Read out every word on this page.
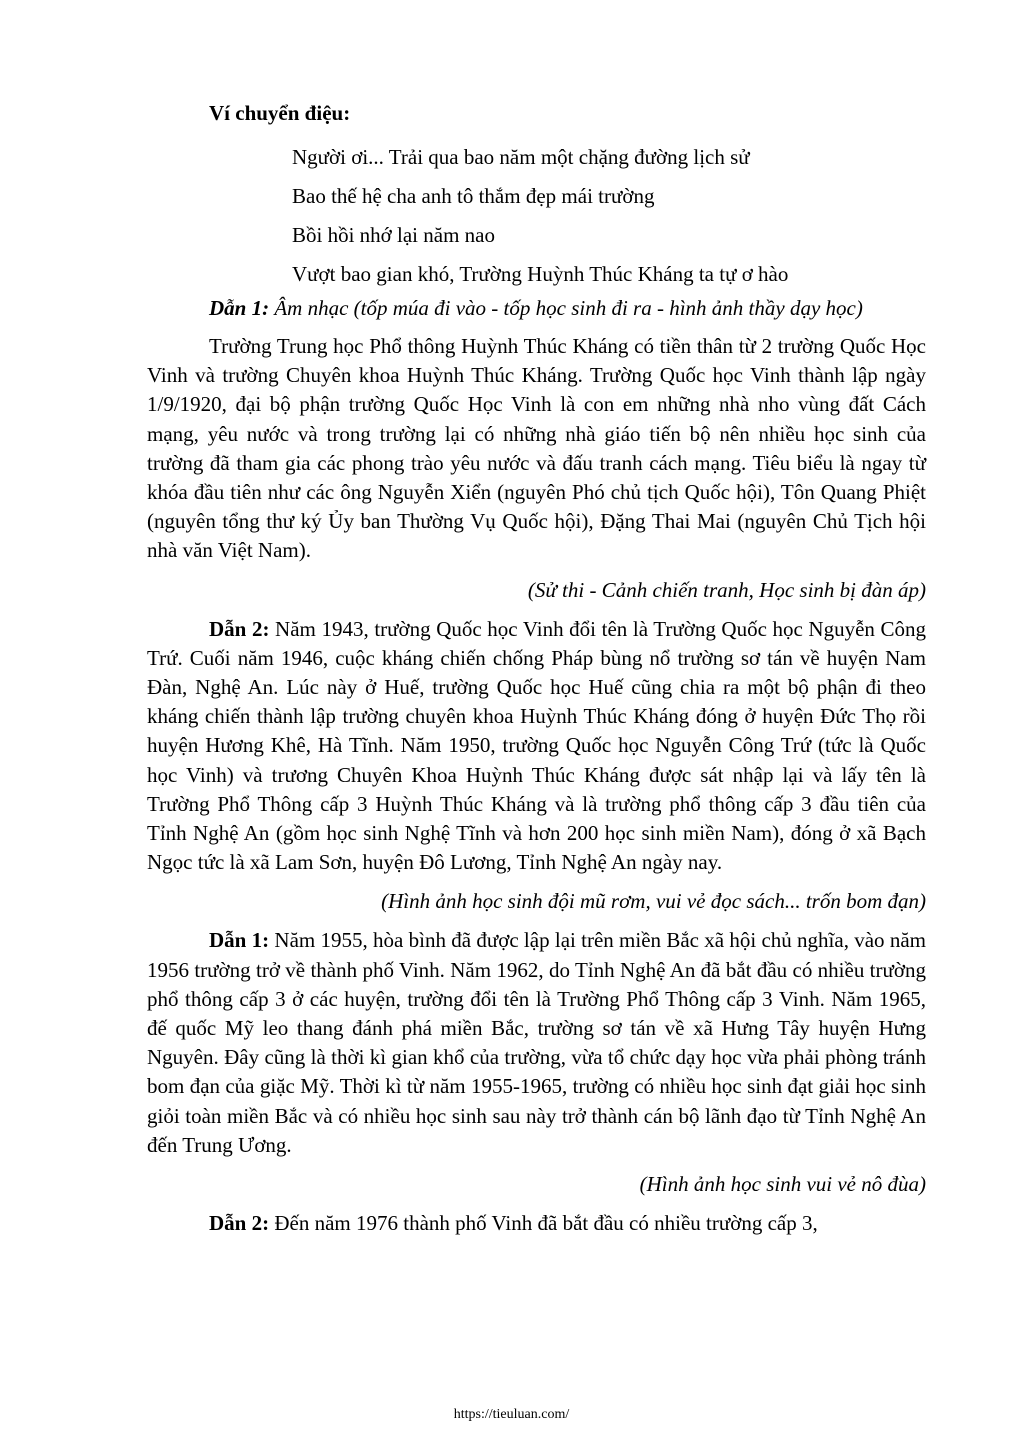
Ví chuyển điệu:

Người ơi... Trải qua bao năm một chặng đường lịch sử
Bao thế hệ cha anh tô thắm đẹp mái trường
Bồi hồi nhớ lại năm nao
Vượt bao gian khó, Trường Huỳnh Thúc Kháng ta tự ơ hào

Dẫn 1: Âm nhạc (tốp múa đi vào - tốp học sinh đi ra - hình ảnh thầy dạy học)

Trường Trung học Phổ thông Huỳnh Thúc Kháng có tiền thân từ 2 trường Quốc Học Vinh và trường Chuyên khoa Huỳnh Thúc Kháng. Trường Quốc học Vinh thành lập ngày 1/9/1920, đại bộ phận trường Quốc Học Vinh là con em những nhà nho vùng đất Cách mạng, yêu nước và trong trường lại có những nhà giáo tiến bộ nên nhiều học sinh của trường đã tham gia các phong trào yêu nước và đấu tranh cách mạng. Tiêu biểu là ngay từ khóa đầu tiên như các ông Nguyễn Xiển (nguyên Phó chủ tịch Quốc hội), Tôn Quang Phiệt (nguyên tổng thư ký Ủy ban Thường Vụ Quốc hội), Đặng Thai Mai (nguyên Chủ Tịch hội nhà văn Việt Nam).

(Sử thi - Cảnh chiến tranh, Học sinh bị đàn áp)

Dẫn 2: Năm 1943, trường Quốc học Vinh đổi tên là Trường Quốc học Nguyễn Công Trứ. Cuối năm 1946, cuộc kháng chiến chống Pháp bùng nổ trường sơ tán về huyện Nam Đàn, Nghệ An. Lúc này ở Huế, trường Quốc học Huế cũng chia ra một bộ phận đi theo kháng chiến thành lập trường chuyên khoa Huỳnh Thúc Kháng đóng ở huyện Đức Thọ rồi huyện Hương Khê, Hà Tĩnh. Năm 1950, trường Quốc học Nguyễn Công Trứ (tức là Quốc học Vinh) và trương Chuyên Khoa Huỳnh Thúc Kháng được sát nhập lại và lấy tên là Trường Phổ Thông cấp 3 Huỳnh Thúc Kháng và là trường phổ thông cấp 3 đầu tiên của Tỉnh Nghệ An (gồm học sinh Nghệ Tĩnh và hơn 200 học sinh miền Nam), đóng ở xã Bạch Ngọc tức là xã Lam Sơn, huyện Đô Lương, Tỉnh Nghệ An ngày nay.

(Hình ảnh học sinh đội mũ rơm, vui vẻ đọc sách... trốn bom đạn)

Dẫn 1: Năm 1955, hòa bình đã được lập lại trên miền Bắc xã hội chủ nghĩa, vào năm 1956 trường trở về thành phố Vinh. Năm 1962, do Tỉnh Nghệ An đã bắt đầu có nhiều trường phổ thông cấp 3 ở các huyện, trường đổi tên là Trường Phổ Thông cấp 3 Vinh. Năm 1965, đế quốc Mỹ leo thang đánh phá miền Bắc, trường sơ tán về xã Hưng Tây huyện Hưng Nguyên. Đây cũng là thời kì gian khổ của trường, vừa tổ chức dạy học vừa phải phòng tránh bom đạn của giặc Mỹ. Thời kì từ năm 1955-1965, trường có nhiều học sinh đạt giải học sinh giỏi toàn miền Bắc và có nhiều học sinh sau này trở thành cán bộ lãnh đạo từ Tỉnh Nghệ An đến Trung Ương.

(Hình ảnh học sinh vui vẻ nô đùa)

Dẫn 2: Đến năm 1976 thành phố Vinh đã bắt đầu có nhiều trường cấp 3,

https://tieuluan.com/
